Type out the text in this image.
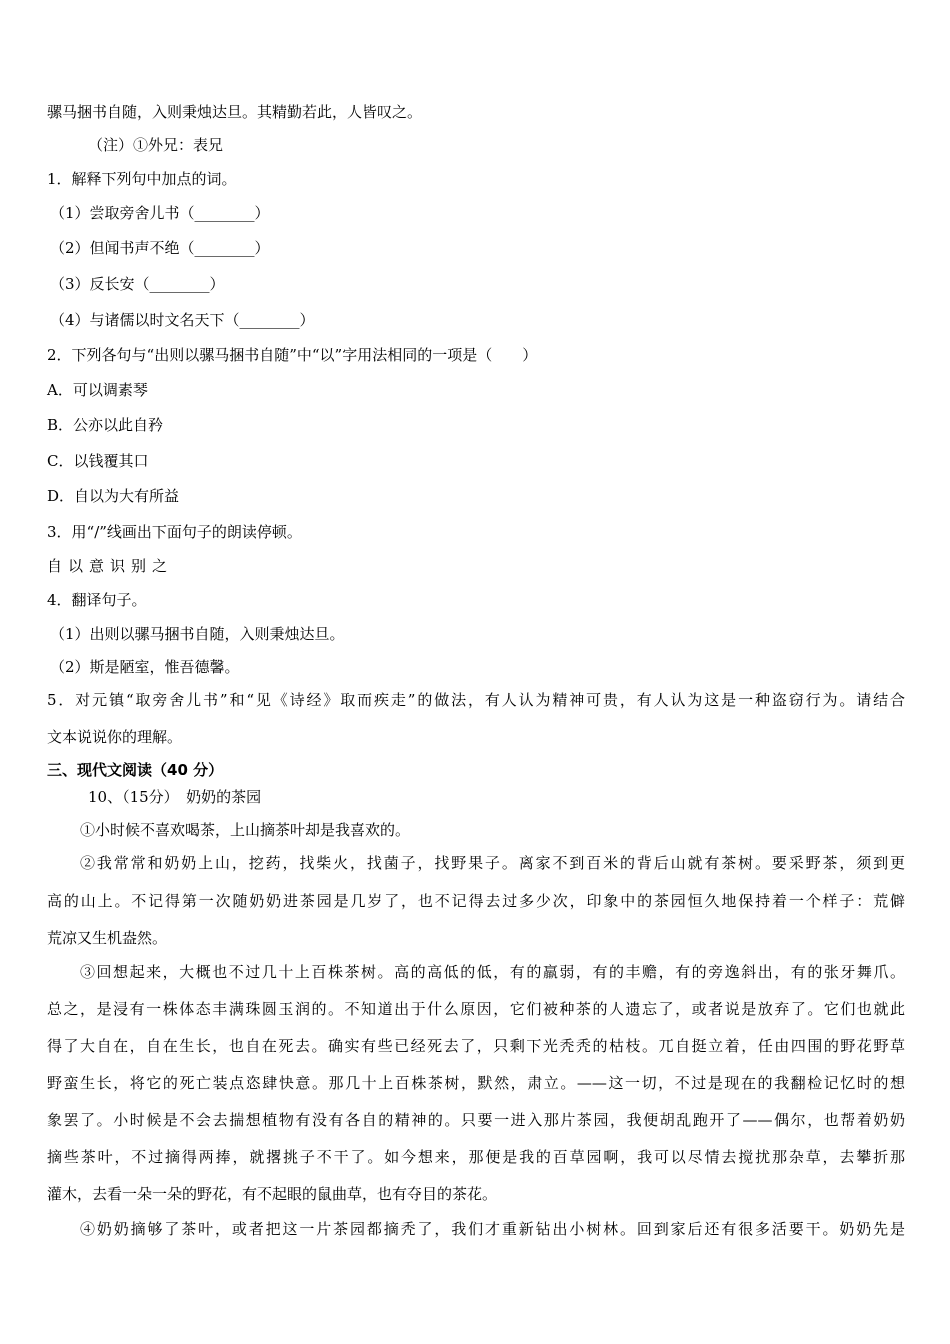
骡马捆书自随，入则秉烛达旦。其精勤若此，人皆叹之。
（注）①外兄：表兄
1．解释下列句中加点的词。
（1）尝取旁舍儿书（________）
（2）但闻书声不绝（________）
（3）反长安（________）
（4）与诸儒以时文名天下（________）
2．下列各句与“出则以骡马捆书自随”中“以”字用法相同的一项是（　　）
A．可以调素琴
B．公亦以此自矜
C．以钱覆其口
D．自以为大有所益
3．用“/”线画出下面句子的朗读停顿。
自以意识别之
4．翻译句子。
（1）出则以骡马捆书自随，入则秉烛达旦。
（2）斯是陋室，惟吾德馨。
5．对元镇“取旁舍儿书”和“见《诗经》取而疾走”的做法，有人认为精神可贵，有人认为这是一种盗窃行为。请结合
文本说说你的理解。
三、现代文阅读（40 分）
10、（15分）　奶奶的茶园
①小时候不喜欢喝茶，上山摘茶叶却是我喜欢的。
②我常常和奶奶上山，挖药，找柴火，找菌子，找野果子。离家不到百米的背后山就有茶树。要采野茶，须到更
高的山上。不记得第一次随奶奶进茶园是几岁了，也不记得去过多少次，印象中的茶园恒久地保持着一个样子：荒僻
荒凉又生机盎然。
③回想起来，大概也不过几十上百株茶树。高的高低的低，有的羸弱，有的丰赡，有的旁逸斜出，有的张牙舞爪。
总之，是浸有一株体态丰满珠圆玉润的。不知道出于什么原因，它们被种茶的人遗忘了，或者说是放弃了。它们也就此
得了大自在，自在生长，也自在死去。确实有些已经死去了，只剩下光秃秃的枯枝。兀自挺立着，任由四围的野花野草
野蛮生长，将它的死亡装点恣肆快意。那几十上百株茶树，默然，肃立。——这一切，不过是现在的我翻检记忆时的想
象罢了。小时候是不会去揣想植物有没有各自的精神的。只要一进入那片茶园，我便胡乱跑开了——偶尔，也帮着奶奶
摘些茶叶，不过摘得两捧，就撂挑子不干了。如今想来，那便是我的百草园啊，我可以尽情去搅扰那杂草，去攀折那
灌木，去看一朵一朵的野花，有不起眼的鼠曲草，也有夺目的茶花。
④奶奶摘够了茶叶，或者把这一片茶园都摘秃了，我们才重新钻出小树林。回到家后还有很多活要干。奶奶先是
